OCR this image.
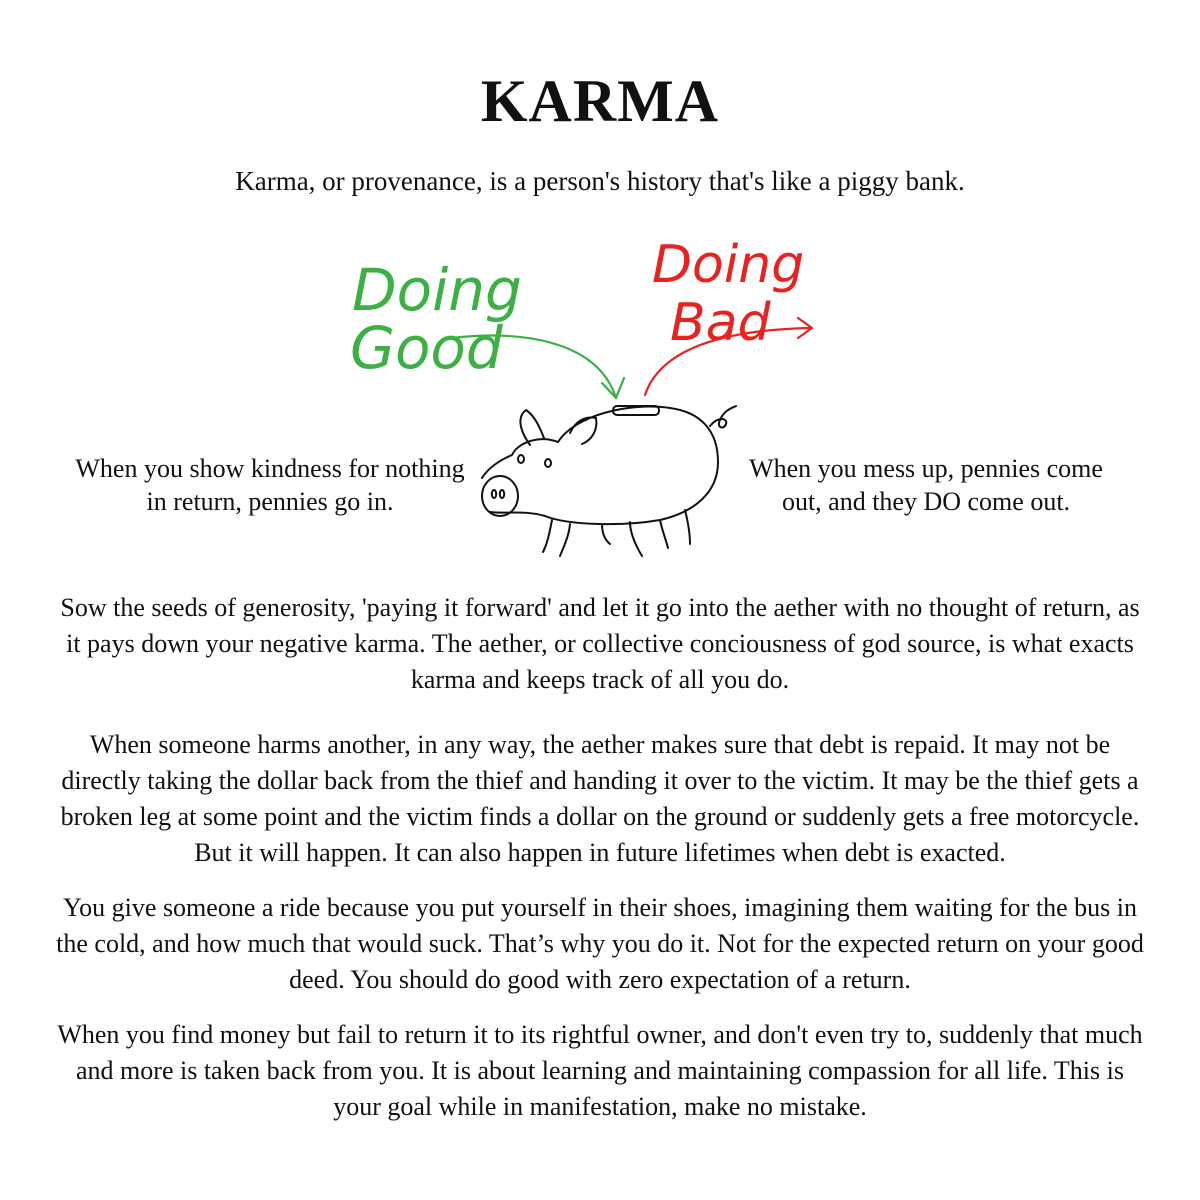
KARMA
Karma, or provenance, is a person's history that's like a piggy bank.
Doing
Good
Doing
Bad
When you show kindness for nothing in return, pennies go in.
When you mess up, pennies come out, and they DO come out.
Sow the seeds of generosity, 'paying it forward' and let it go into the aether with no thought of return, as it pays down your negative karma. The aether, or collective conciousness of god source, is what exacts karma and keeps track of all you do.
When someone harms another, in any way, the aether makes sure that debt is repaid. It may not be directly taking the dollar back from the thief and handing it over to the victim. It may be the thief gets a broken leg at some point and the victim finds a dollar on the ground or suddenly gets a free motorcycle. But it will happen. It can also happen in future lifetimes when debt is exacted.
You give someone a ride because you put yourself in their shoes, imagining them waiting for the bus in the cold, and how much that would suck. That’s why you do it. Not for the expected return on your good deed. You should do good with zero expectation of a return.
When you find money but fail to return it to its rightful owner, and don't even try to, suddenly that much and more is taken back from you. It is about learning and maintaining compassion for all life. This is your goal while in manifestation, make no mistake.
